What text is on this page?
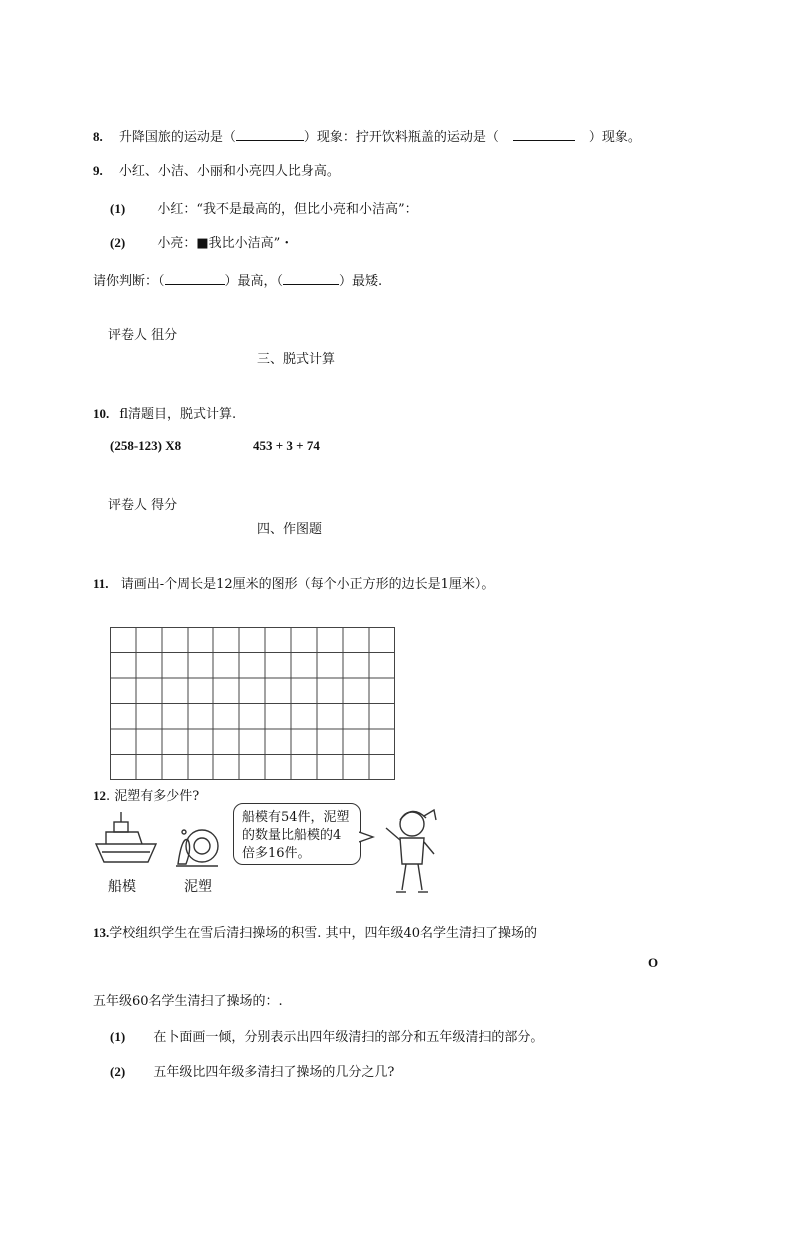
8. 升降国旅的运动是（	）现象：拧开饮料瓶盖的运动是（	）现象。
9. 小红、小洁、小丽和小亮四人比身高。
(1) 小红：“我不是最高的，但比小亮和小洁高”：
(2) 小亮：■我比小洁高”・
请你判断：（	）最高，（	）最矮.
评卷人 徂分
三、脱式计算
10. fl清题目，脱式计算.
(258-123) X8	453 + 3 + 74
评卷人 得分
四、作图题
11. 请画出-个周长是12厘米的图形（每个小正方形的边长是1厘米）。
12. 泥塑有多少件?
船模	泥塑
船模有54件，泥塑的数量比船模的4倍多16件。
13.学校组织学生在雪后清扫操场的积雪. 其中，四年级40名学生清扫了操场的
O
五年级60名学生清扫了操场的：.
(1) 在卜面画一倾，分别表示出四年级清扫的部分和五年级清扫的部分。
(2) 五年级比四年级多清扫了操场的几分之几?
